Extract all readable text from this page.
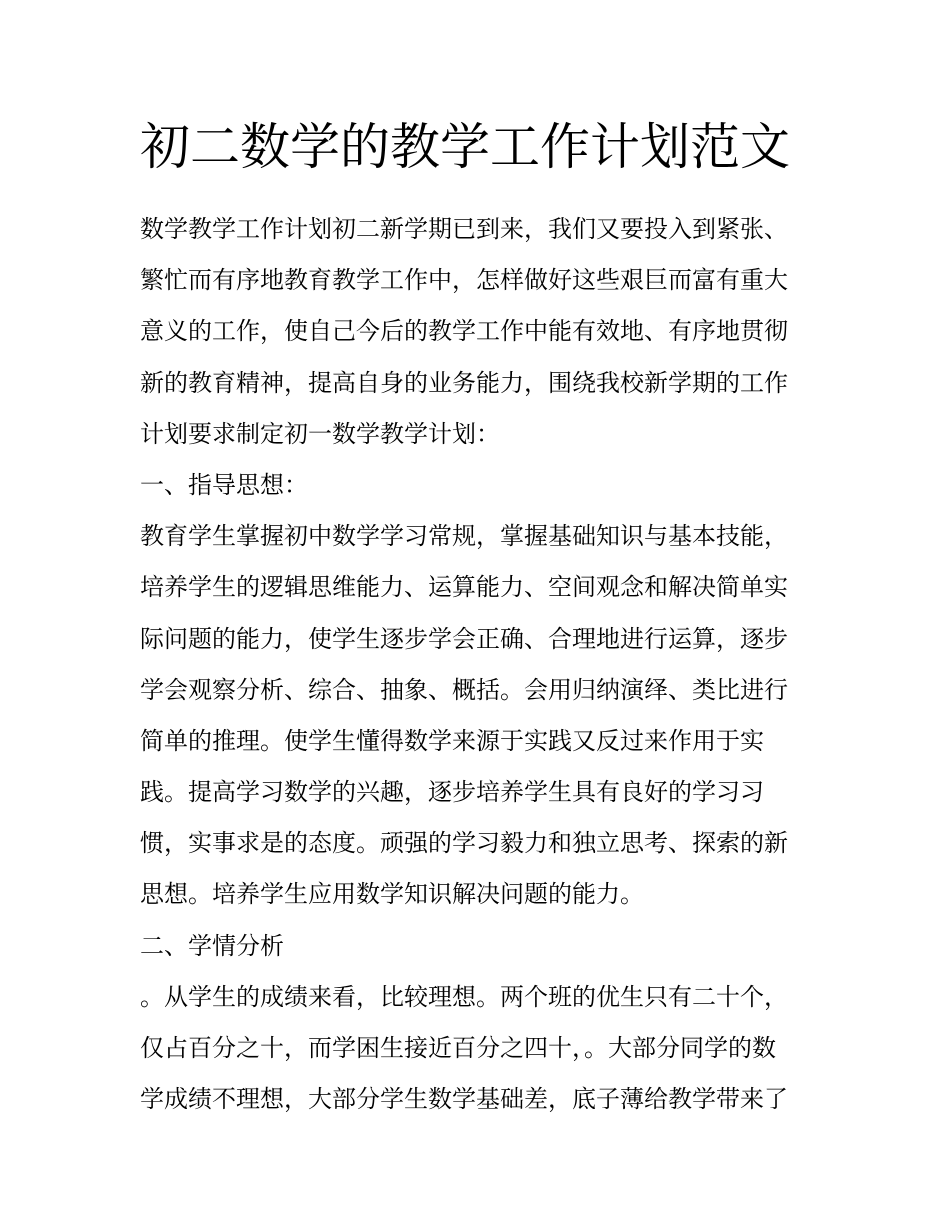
初二数学的教学工作计划范文

数学教学工作计划初二新学期已到来，我们又要投入到紧张、

繁忙而有序地教育教学工作中，怎样做好这些艰巨而富有重大

意义的工作，使自己今后的教学工作中能有效地、有序地贯彻

新的教育精神，提高自身的业务能力，围绕我校新学期的工作

计划要求制定初一数学教学计划：

一、指导思想：

教育学生掌握初中数学学习常规，掌握基础知识与基本技能，

培养学生的逻辑思维能力、运算能力、空间观念和解决简单实

际问题的能力，使学生逐步学会正确、合理地进行运算，逐步

学会观察分析、综合、抽象、概括。会用归纳演绎、类比进行

简单的推理。使学生懂得数学来源于实践又反过来作用于实

践。提高学习数学的兴趣，逐步培养学生具有良好的学习习

惯，实事求是的态度。顽强的学习毅力和独立思考、探索的新

思想。培养学生应用数学知识解决问题的能力。

二、学情分析

。从学生的成绩来看，比较理想。两个班的优生只有二十个，

仅占百分之十，而学困生接近百分之四十，。大部分同学的数

学成绩不理想，大部分学生数学基础差，底子薄给教学带来了
